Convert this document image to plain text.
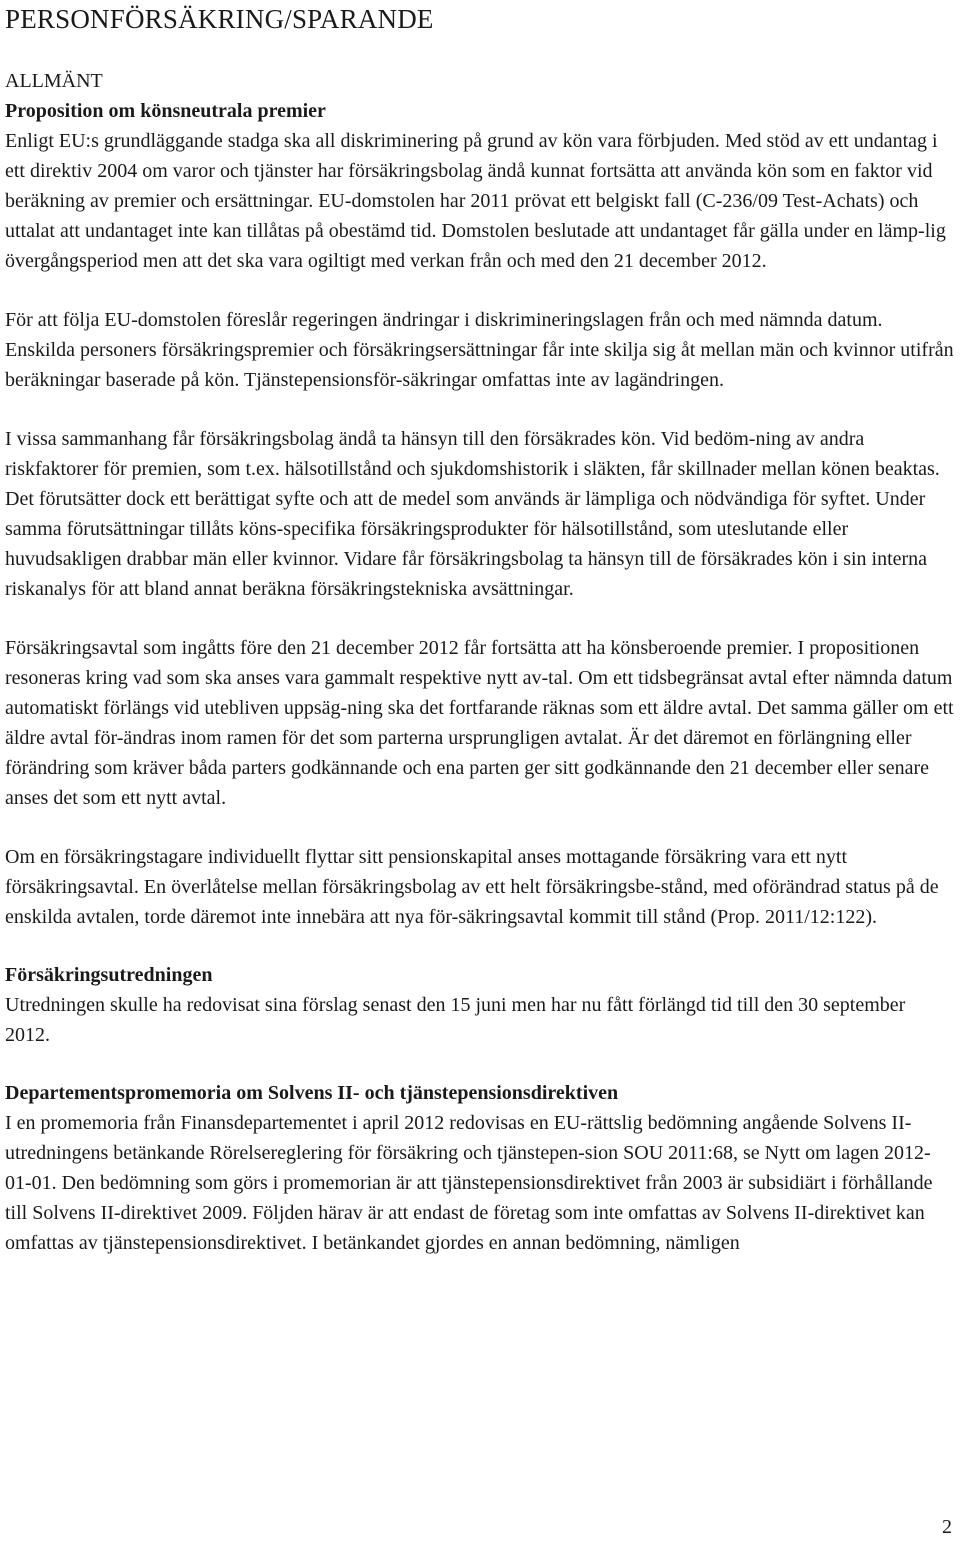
PERSONFÖRSÄKRING/SPARANDE
ALLMÄNT
Proposition om könsneutrala premier

Enligt EU:s grundläggande stadga ska all diskriminering på grund av kön vara förbjuden. Med stöd av ett undantag i ett direktiv 2004 om varor och tjänster har försäkringsbolag ändå kunnat fortsätta att använda kön som en faktor vid beräkning av premier och ersättningar. EU-domstolen har 2011 prövat ett belgiskt fall (C-236/09 Test-Achats) och uttalat att undantaget inte kan tillåtas på obestämd tid. Domstolen beslutade att undantaget får gälla under en lämp-lig övergångsperiod men att det ska vara ogiltigt med verkan från och med den 21 december 2012.

För att följa EU-domstolen föreslår regeringen ändringar i diskrimineringslagen från och med nämnda datum. Enskilda personers försäkringspremier och försäkringsersättningar får inte skilja sig åt mellan män och kvinnor utifrån beräkningar baserade på kön. Tjänstepensionsför-säkringar omfattas inte av lagändringen.

I vissa sammanhang får försäkringsbolag ändå ta hänsyn till den försäkrades kön. Vid bedöm-ning av andra riskfaktorer för premien, som t.ex. hälsotillstånd och sjukdomshistorik i släkten, får skillnader mellan könen beaktas. Det förutsätter dock ett berättigat syfte och att de medel som används är lämpliga och nödvändiga för syftet. Under samma förutsättningar tillåts köns-specifika försäkringsprodukter för hälsotillstånd, som uteslutande eller huvudsakligen drabbar män eller kvinnor. Vidare får försäkringsbolag ta hänsyn till de försäkrades kön i sin interna riskanalys för att bland annat beräkna försäkringstekniska avsättningar.

Försäkringsavtal som ingåtts före den 21 december 2012 får fortsätta att ha könsberoende premier. I propositionen resoneras kring vad som ska anses vara gammalt respektive nytt av-tal. Om ett tidsbegränsat avtal efter nämnda datum automatiskt förlängs vid utebliven uppsäg-ning ska det fortfarande räknas som ett äldre avtal. Det samma gäller om ett äldre avtal för-ändras inom ramen för det som parterna ursprungligen avtalat. Är det däremot en förlängning eller förändring som kräver båda parters godkännande och ena parten ger sitt godkännande den 21 december eller senare anses det som ett nytt avtal.

Om en försäkringstagare individuellt flyttar sitt pensionskapital anses mottagande försäkring vara ett nytt försäkringsavtal. En överlåtelse mellan försäkringsbolag av ett helt försäkringsbe-stånd, med oförändrad status på de enskilda avtalen, torde däremot inte innebära att nya för-säkringsavtal kommit till stånd (Prop. 2011/12:122).

Försäkringsutredningen

Utredningen skulle ha redovisat sina förslag senast den 15 juni men har nu fått förlängd tid till den 30 september 2012.

Departementspromemoria om Solvens II- och tjänstepensionsdirektiven

I en promemoria från Finansdepartementet i april 2012 redovisas en EU-rättslig bedömning angående Solvens II-utredningens betänkande Rörelsereglering för försäkring och tjänstepen-sion SOU 2011:68, se Nytt om lagen 2012-01-01. Den bedömning som görs i promemorian är att tjänstepensionsdirektivet från 2003 är subsidiärt i förhållande till Solvens II-direktivet 2009. Följden härav är att endast de företag som inte omfattas av Solvens II-direktivet kan omfattas av tjänstepensionsdirektivet. I betänkandet gjordes en annan bedömning, nämligen

2
